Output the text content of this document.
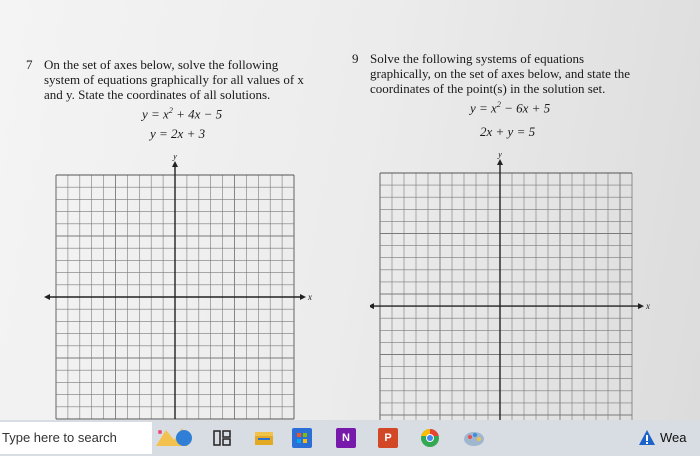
7 On the set of axes below, solve the following
system of equations graphically for all values of x
and y. State the coordinates of all solutions.
$y = x^2 + 4x - 5$
y = 2x + 3
9 Solve the following systems of equations
graphically, on the set of axes below, and state the
coordinates of the point(s) in the solution set.
$y = x^2 - 6x + 5$
2x + y = 5
x
y
x
y
Type here to search	N	P	Wea
